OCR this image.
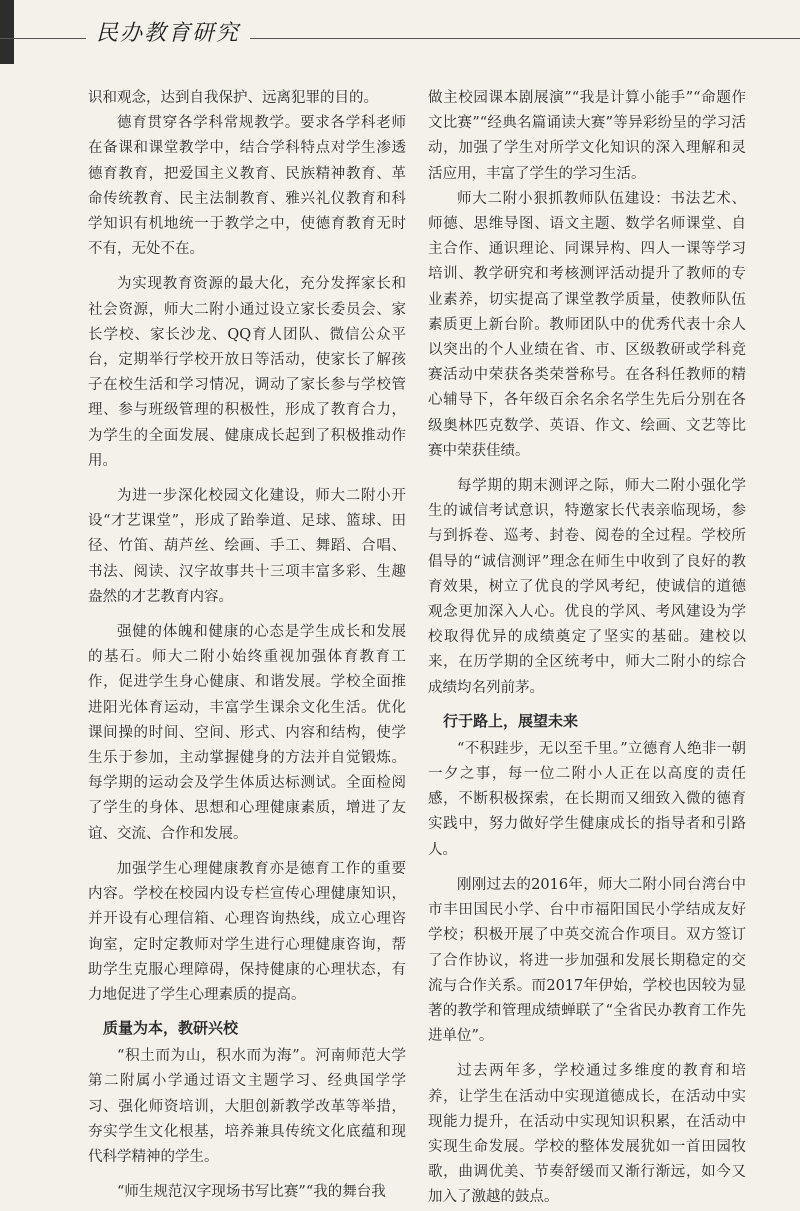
民办教育研究

识和观念，达到自我保护、远离犯罪的目的。

德育贯穿各学科常规教学。要求各学科老师在备课和课堂教学中，结合学科特点对学生渗透德育教育，把爱国主义教育、民族精神教育、革命传统教育、民主法制教育、雅兴礼仪教育和科学知识有机地统一于教学之中，使德育教育无时不有，无处不在。

为实现教育资源的最大化，充分发挥家长和社会资源，师大二附小通过设立家长委员会、家长学校、家长沙龙、QQ育人团队、微信公众平台，定期举行学校开放日等活动，使家长了解孩子在校生活和学习情况，调动了家长参与学校管理、参与班级管理的积极性，形成了教育合力，为学生的全面发展、健康成长起到了积极推动作用。

为进一步深化校园文化建设，师大二附小开设“才艺课堂”，形成了跆拳道、足球、篮球、田径、竹笛、葫芦丝、绘画、手工、舞蹈、合唱、书法、阅读、汉字故事共十三项丰富多彩、生趣盎然的才艺教育内容。

强健的体魄和健康的心态是学生成长和发展的基石。师大二附小始终重视加强体育教育工作，促进学生身心健康、和谐发展。学校全面推进阳光体育运动，丰富学生课余文化生活。优化课间操的时间、空间、形式、内容和结构，使学生乐于参加，主动掌握健身的方法并自觉锻炼。每学期的运动会及学生体质达标测试。全面检阅了学生的身体、思想和心理健康素质，增进了友谊、交流、合作和发展。

加强学生心理健康教育亦是德育工作的重要内容。学校在校园内设专栏宣传心理健康知识，并开设有心理信箱、心理咨询热线，成立心理咨询室，定时定教师对学生进行心理健康咨询，帮助学生克服心理障碍，保持健康的心理状态，有力地促进了学生心理素质的提高。

质量为本，教研兴校

“积土而为山，积水而为海”。河南师范大学第二附属小学通过语文主题学习、经典国学学习、强化师资培训，大胆创新教学改革等举措，夯实学生文化根基，培养兼具传统文化底蕴和现代科学精神的学生。

“师生规范汉字现场书写比赛”“我的舞台我

做主校园课本剧展演”“我是计算小能手”“命题作文比赛”“经典名篇诵读大赛”等异彩纷呈的学习活动，加强了学生对所学文化知识的深入理解和灵活应用，丰富了学生的学习生活。

师大二附小狠抓教师队伍建设：书法艺术、师德、思维导图、语文主题、数学名师课堂、自主合作、通识理论、同课异构、四人一课等学习培训、教学研究和考核测评活动提升了教师的专业素养，切实提高了课堂教学质量，使教师队伍素质更上新台阶。教师团队中的优秀代表十余人以突出的个人业绩在省、市、区级教研或学科竞赛活动中荣获各类荣誉称号。在各科任教师的精心辅导下，各年级百余名余名学生先后分别在各级奥林匹克数学、英语、作文、绘画、文艺等比赛中荣获佳绩。

每学期的期末测评之际，师大二附小强化学生的诚信考试意识，特邀家长代表亲临现场，参与到拆卷、巡考、封卷、阅卷的全过程。学校所倡导的“诚信测评”理念在师生中收到了良好的教育效果，树立了优良的学风考纪，使诚信的道德观念更加深入人心。优良的学风、考风建设为学校取得优异的成绩奠定了坚实的基础。建校以来，在历学期的全区统考中，师大二附小的综合成绩均名列前茅。

行于路上，展望未来

“不积跬步，无以至千里。”立德育人绝非一朝一夕之事，每一位二附小人正在以高度的责任感，不断积极探索，在长期而又细致入微的德育实践中，努力做好学生健康成长的指导者和引路人。

刚刚过去的2016年，师大二附小同台湾台中市丰田国民小学、台中市福阳国民小学结成友好学校；积极开展了中英交流合作项目。双方签订了合作协议，将进一步加强和发展长期稳定的交流与合作关系。而2017年伊始，学校也因较为显著的教学和管理成绩蝉联了“全省民办教育工作先进单位”。

过去两年多，学校通过多维度的教育和培养，让学生在活动中实现道德成长，在活动中实现能力提升，在活动中实现知识积累，在活动中实现生命发展。学校的整体发展犹如一首田园牧歌，曲调优美、节奏舒缓而又渐行渐远，如今又加入了激越的鼓点。
